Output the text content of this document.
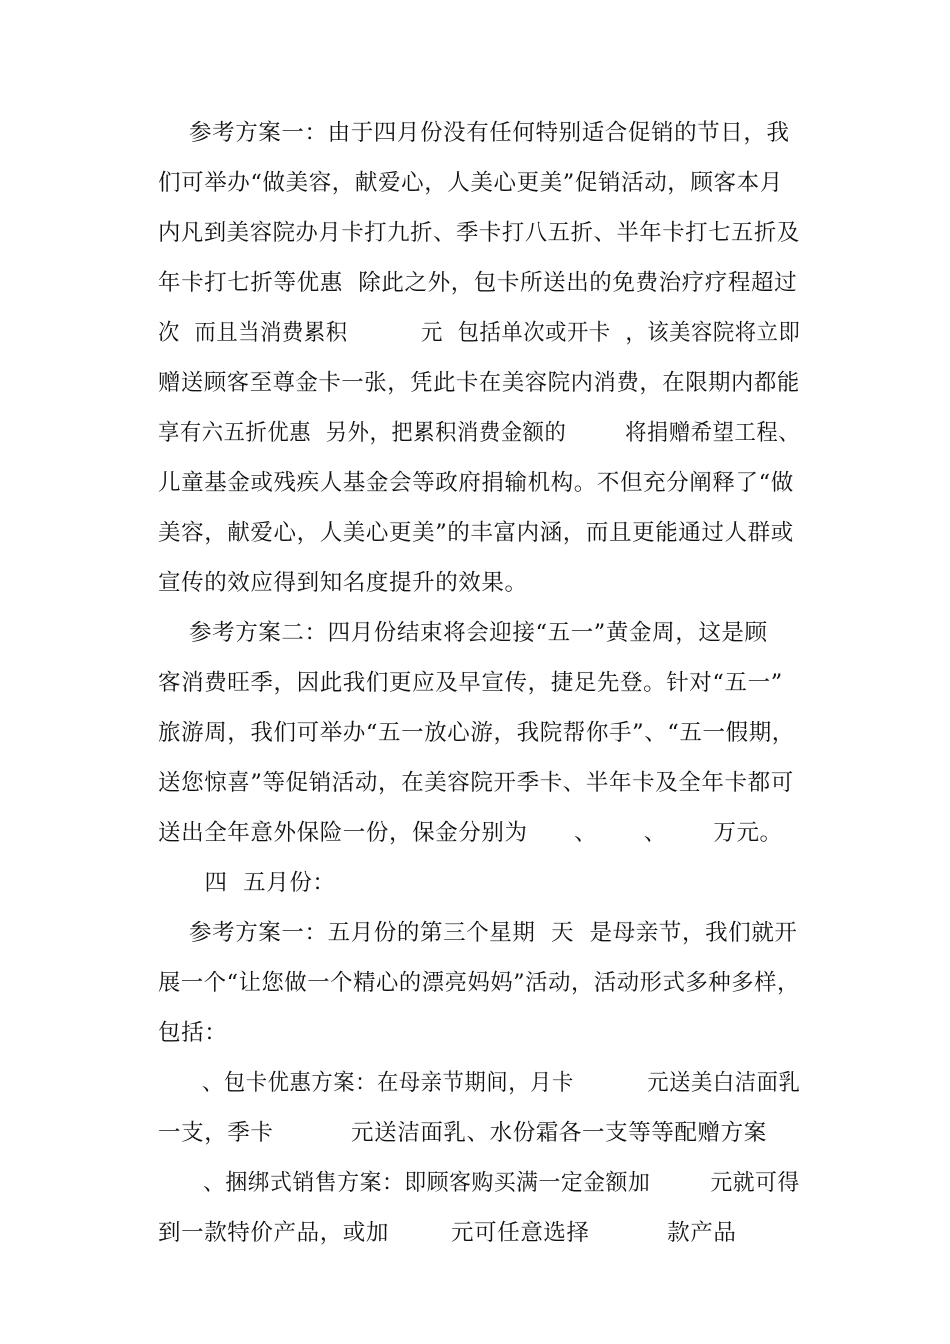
参考方案一：由于四月份没有任何特别适合促销的节日，我

们可举办“做美容，献爱心，人美心更美”促销活动，顾客本月

内凡到美容院办月卡打九折、季卡打八五折、半年卡打七五折及

年卡打七折等优惠  除此之外，包卡所送出的免费治疗疗程超过

次  而且当消费累积          元  包括单次或开卡  ，该美容院将立即

赠送顾客至尊金卡一张，凭此卡在美容院内消费，在限期内都能

享有六五折优惠  另外，把累积消费金额的        将捐赠希望工程、

儿童基金或残疾人基金会等政府捐输机构。不但充分阐释了“做

美容，献爱心，人美心更美”的丰富内涵，而且更能通过人群或

宣传的效应得到知名度提升的效果。

参考方案二：四月份结束将会迎接“五一”黄金周，这是顾

客消费旺季，因此我们更应及早宣传，捷足先登。针对“五一”

旅游周，我们可举办“五一放心游，我院帮你手”、“五一假期，

送您惊喜”等促销活动，在美容院开季卡、半年卡及全年卡都可

送出全年意外保险一份，保金分别为      、      、      万元。

四  五月份：

参考方案一：五月份的第三个星期  天  是母亲节，我们就开

展一个“让您做一个精心的漂亮妈妈”活动，活动形式多种多样，

包括：

、包卡优惠方案：在母亲节期间，月卡          元送美白洁面乳

一支，季卡          元送洁面乳、水份霜各一支等等配赠方案

、捆绑式销售方案：即顾客购买满一定金额加        元就可得

到一款特价产品，或加        元可任意选择          款产品
